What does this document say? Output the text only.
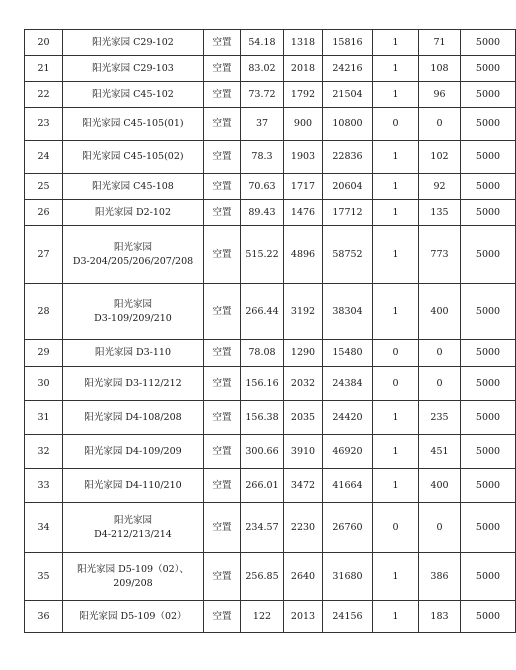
20	阳光家园 C29-102	空置	54.18	1318	15816	1	71	5000
21	阳光家园 C29-103	空置	83.02	2018	24216	1	108	5000
22	阳光家园 C45-102	空置	73.72	1792	21504	1	96	5000
23	阳光家园 C45-105(01)	空置	37	900	10800	0	0	5000
24	阳光家园 C45-105(02)	空置	78.3	1903	22836	1	102	5000
25	阳光家园 C45-108	空置	70.63	1717	20604	1	92	5000
26	阳光家园 D2-102	空置	89.43	1476	17712	1	135	5000
27	阳光家园
D3-204/205/206/207/208	空置	515.22	4896	58752	1	773	5000
28	阳光家园
D3-109/209/210	空置	266.44	3192	38304	1	400	5000
29	阳光家园 D3-110	空置	78.08	1290	15480	0	0	5000
30	阳光家园 D3-112/212	空置	156.16	2032	24384	0	0	5000
31	阳光家园 D4-108/208	空置	156.38	2035	24420	1	235	5000
32	阳光家园 D4-109/209	空置	300.66	3910	46920	1	451	5000
33	阳光家园 D4-110/210	空置	266.01	3472	41664	1	400	5000
34	阳光家园
D4-212/213/214	空置	234.57	2230	26760	0	0	5000
35	阳光家园 D5-109（02）、
209/208	空置	256.85	2640	31680	1	386	5000
36	阳光家园 D5-109（02）	空置	122	2013	24156	1	183	5000
